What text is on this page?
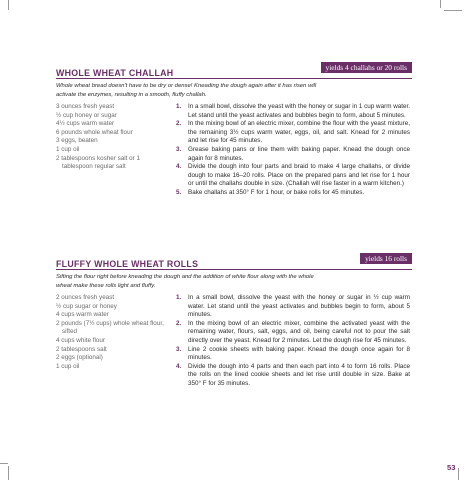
yields 4 challahs or 20 rolls
WHOLE WHEAT CHALLAH

Whole wheat bread doesn't have to be dry or dense! Kneading the dough again after it has risen will activate the enzymes, resulting in a smooth, fluffy challah.

3 ounces fresh yeast
½ cup honey or sugar
4½ cups warm water
6 pounds whole wheat flour
3 eggs, beaten
1 cup oil
2 tablespoons kosher salt or 1 tablespoon regular salt
1. In a small bowl, dissolve the yeast with the honey or sugar in 1 cup warm water. Let stand until the yeast activates and bubbles begin to form, about 5 minutes.
2. In the mixing bowl of an electric mixer, combine the flour with the yeast mixture, the remaining 3½ cups warm water, eggs, oil, and salt. Knead for 2 minutes and let rise for 45 minutes.
3. Grease baking pans or line them with baking paper. Knead the dough once again for 8 minutes.
4. Divide the dough into four parts and braid to make 4 large challahs, or divide dough to make 16–20 rolls. Place on the prepared pans and let rise for 1 hour or until the challahs double in size. (Challah will rise faster in a warm kitchen.)
5. Bake challahs at 350° F for 1 hour, or bake rolls for 45 minutes.
yields 16 rolls
FLUFFY WHOLE WHEAT ROLLS

Sifting the flour right before kneading the dough and the addition of white flour along with the whole wheat make these rolls light and fluffy.

2 ounces fresh yeast
½ cup sugar or honey
4 cups warm water
2 pounds (7½ cups) whole wheat flour, sifted
4 cups white flour
2 tablespoons salt
2 eggs (optional)
1 cup oil
1. In a small bowl, dissolve the yeast with the honey or sugar in ½ cup warm water. Let stand until the yeast activates and bubbles begin to form, about 5 minutes.
2. In the mixing bowl of an electric mixer, combine the activated yeast with the remaining water, flours, salt, eggs, and oil, being careful not to pour the salt directly over the yeast. Knead for 2 minutes. Let the dough rise for 45 minutes.
3. Line 2 cookie sheets with baking paper. Knead the dough once again for 8 minutes.
4. Divide the dough into 4 parts and then each part into 4 to form 16 rolls. Place the rolls on the lined cookie sheets and let rise until double in size. Bake at 350° F for 35 minutes.
53
